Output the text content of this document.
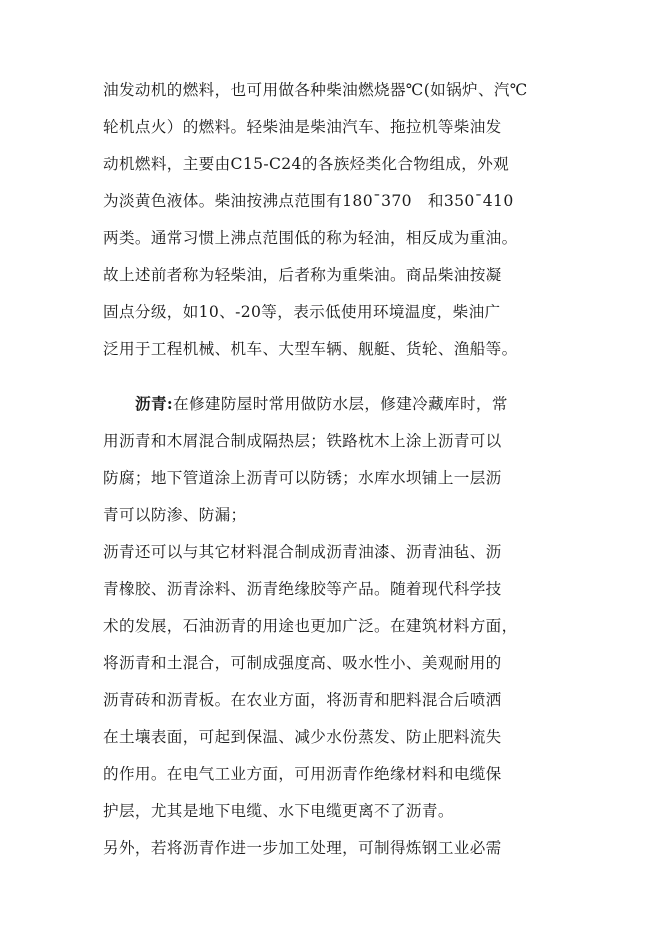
油发动机的燃料，也可用做各种柴油燃烧器℃(如锅炉、汽℃
轮机点火）的燃料。轻柴油是柴油汽车、拖拉机等柴油发
动机燃料，主要由C15-C24的各族烃类化合物组成，外观
为淡黄色液体。柴油按沸点范围有180ˉ370　和350ˉ410
两类。通常习惯上沸点范围低的称为轻油，相反成为重油。
故上述前者称为轻柴油，后者称为重柴油。商品柴油按凝
固点分级，如10、-20等，表示低使用环境温度，柴油广
泛用于工程机械、机车、大型车辆、舰艇、货轮、渔船等。
沥青:在修建防屋时常用做防水层，修建冷藏库时，常
用沥青和木屑混合制成隔热层；铁路枕木上涂上沥青可以
防腐；地下管道涂上沥青可以防锈；水库水坝铺上一层沥
青可以防渗、防漏；
沥青还可以与其它材料混合制成沥青油漆、沥青油毡、沥
青橡胶、沥青涂料、沥青绝缘胶等产品。随着现代科学技
术的发展，石油沥青的用途也更加广泛。在建筑材料方面，
将沥青和土混合，可制成强度高、吸水性小、美观耐用的
沥青砖和沥青板。在农业方面，将沥青和肥料混合后喷洒
在土壤表面，可起到保温、减少水份蒸发、防止肥料流失
的作用。在电气工业方面，可用沥青作绝缘材料和电缆保
护层，尤其是地下电缆、水下电缆更离不了沥青。
另外，若将沥青作进一步加工处理，可制得炼钢工业必需
